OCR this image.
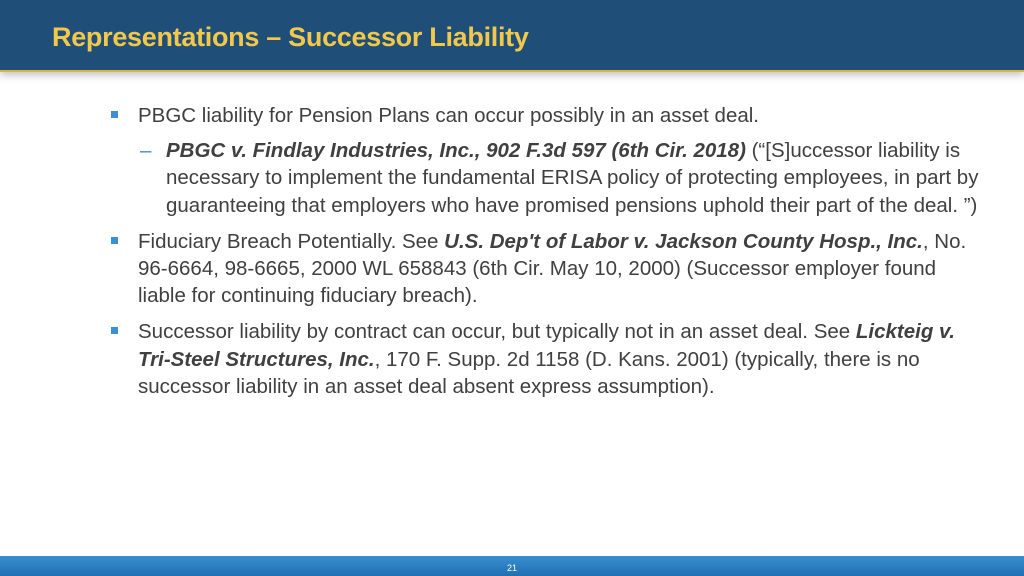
Representations – Successor Liability
PBGC liability for Pension Plans can occur possibly in an asset deal.
– PBGC v. Findlay Industries, Inc., 902 F.3d 597 (6th Cir. 2018) (“[S]uccessor liability is necessary to implement the fundamental ERISA policy of protecting employees, in part by guaranteeing that employers who have promised pensions uphold their part of the deal. ”)
Fiduciary Breach Potentially. See U.S. Dep't of Labor v. Jackson County Hosp., Inc., No. 96-6664, 98-6665, 2000 WL 658843 (6th Cir. May 10, 2000) (Successor employer found liable for continuing fiduciary breach).
Successor liability by contract can occur, but typically not in an asset deal. See Lickteig v. Tri-Steel Structures, Inc., 170 F. Supp. 2d 1158 (D. Kans. 2001) (typically, there is no successor liability in an asset deal absent express assumption).
21
